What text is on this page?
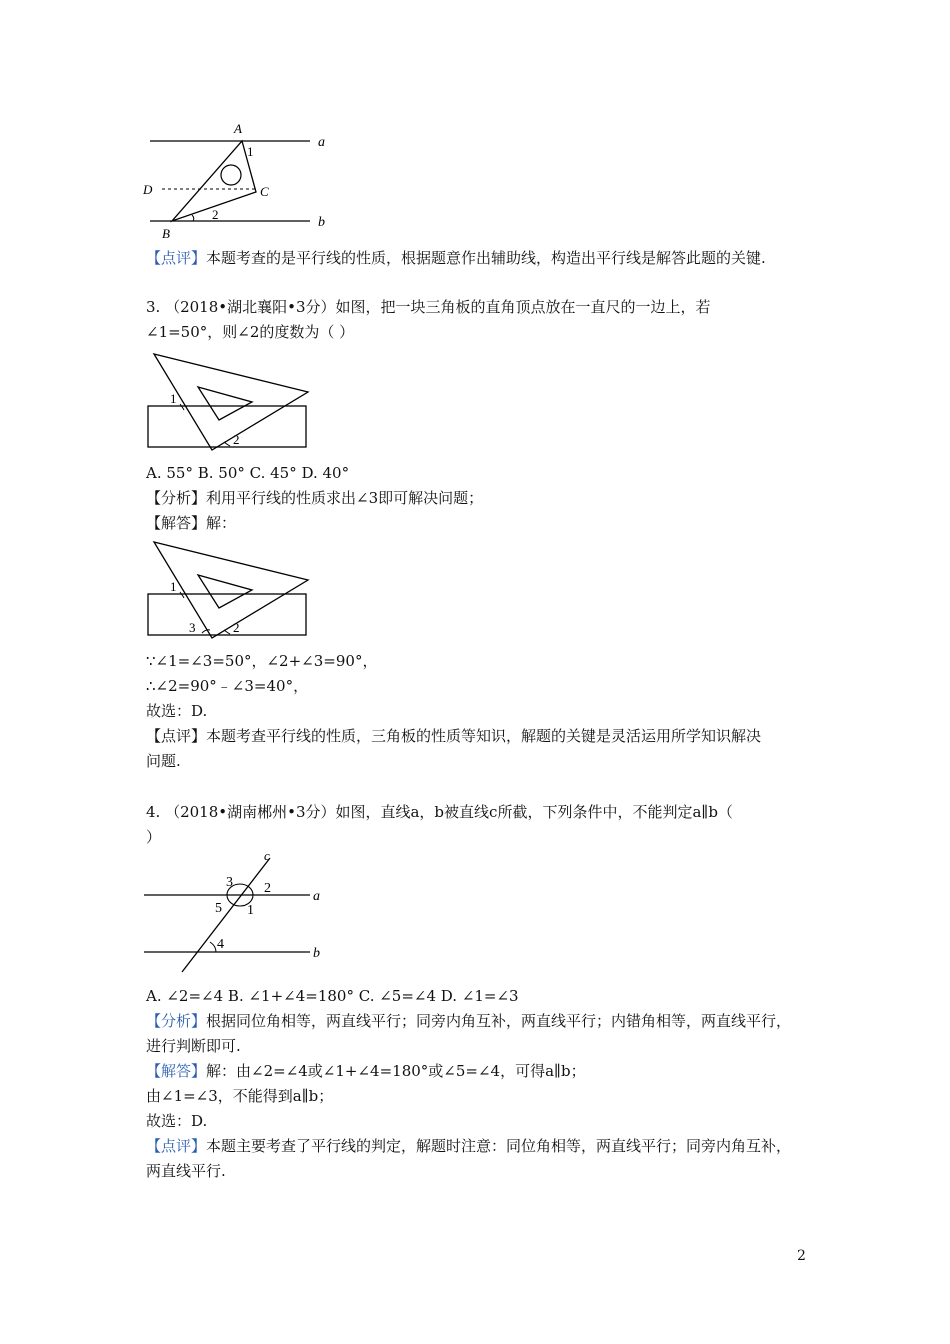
A
1
a
D	C
B
2
b
【点评】本题考查的是平行线的性质，根据题意作出辅助线，构造出平行线是解答此题的关键.
3. （2018•湖北襄阳•3分）如图，把一块三角板的直角顶点放在一直尺的一边上，若
∠1=50°，则∠2的度数为（ ）
1
2
A. 55° B. 50° C. 45° D. 40°
【分析】利用平行线的性质求出∠3即可解决问题；
【解答】解：
1
2
3
∵∠1=∠3=50°，∠2+∠3=90°，
∴∠2=90°﹣∠3=40°，
故选：D.
【点评】本题考查平行线的性质，三角板的性质等知识，解题的关键是灵活运用所学知识解决
问题.
4. （2018•湖南郴州•3分）如图，直线a，b被直线c所截，下列条件中，不能判定a∥b（
）
c
3 2
a
5 1
4
b
A. ∠2=∠4 B. ∠1+∠4=180° C. ∠5=∠4 D. ∠1=∠3
【分析】根据同位角相等，两直线平行；同旁内角互补，两直线平行；内错角相等，两直线平行，
进行判断即可.
【解答】解：由∠2=∠4或∠1+∠4=180°或∠5=∠4，可得a∥b；
由∠1=∠3，不能得到a∥b；
故选：D.
【点评】本题主要考查了平行线的判定，解题时注意：同位角相等，两直线平行；同旁内角互补，
两直线平行.
2
